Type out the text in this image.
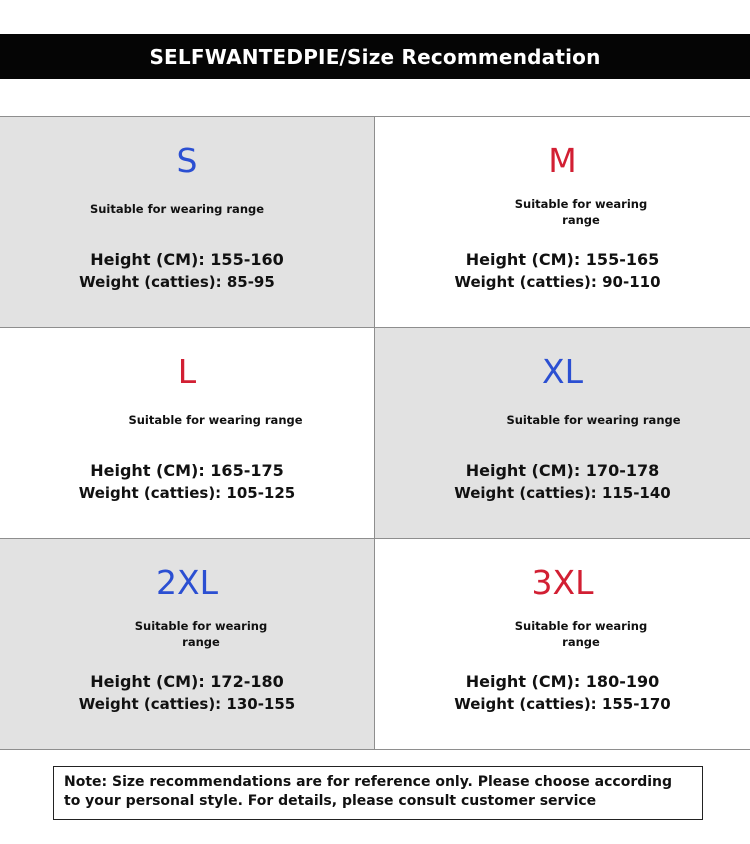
SELFWANTEDPIE/Size Recommendation
S
Suitable for wearing range
Height (CM): 155-160
Weight (catties): 85-95
M
Suitable for wearing range
Height (CM): 155-165
Weight (catties): 90-110
L
Suitable for wearing range
Height (CM): 165-175
Weight (catties): 105-125
XL
Suitable for wearing range
Height (CM): 170-178
Weight (catties): 115-140
2XL
Suitable for wearing range
Height (CM): 172-180
Weight (catties): 130-155
3XL
Suitable for wearing range
Height (CM): 180-190
Weight (catties): 155-170
Note: Size recommendations are for reference only. Please choose according to your personal style. For details, please consult customer service
